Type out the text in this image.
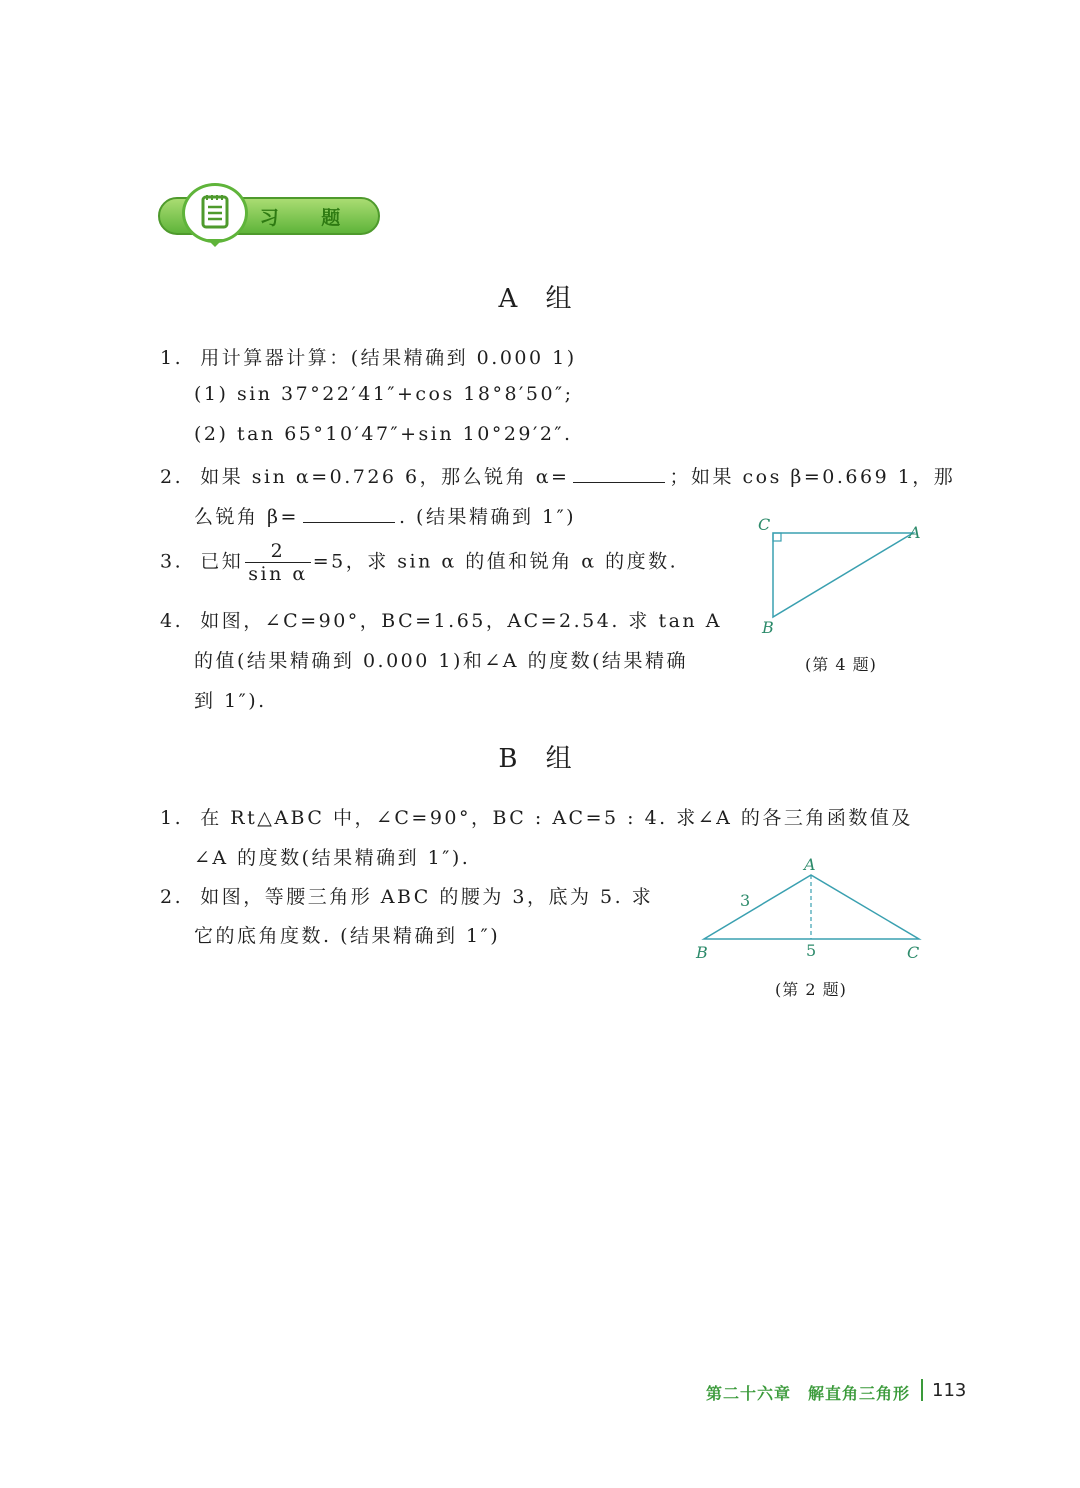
习 题
A 组
1. 用计算器计算：(结果精确到 0.000 1)
(1) sin 37°22′41″+cos 18°8′50″;
(2) tan 65°10′47″+sin 10°29′2″.
2. 如果 sin α=0.726 6，那么锐角 α=	；如果 cos β=0.669 1，那
么锐角 β=	. (结果精确到 1″)
3. 已知 $\frac{2}{\text{sin α}} =5$，求 sin α 的值和锐角 α 的度数.
4. 如图，∠C=90°，BC=1.65，AC=2.54. 求 tan A
的值(结果精确到 0.000 1)和∠A 的度数(结果精确
到 1″).
C	A
B
(第 4 题)
B 组
1. 在 Rt△ABC 中，∠C=90°，BC : AC=5 : 4. 求∠A 的各三角函数值及
∠A 的度数(结果精确到 1″).
2. 如图，等腰三角形 ABC 的腰为 3，底为 5. 求
它的底角度数. (结果精确到 1″)
A
B	C
3
5
(第 2 题)
第二十六章　解直角三角形 113
